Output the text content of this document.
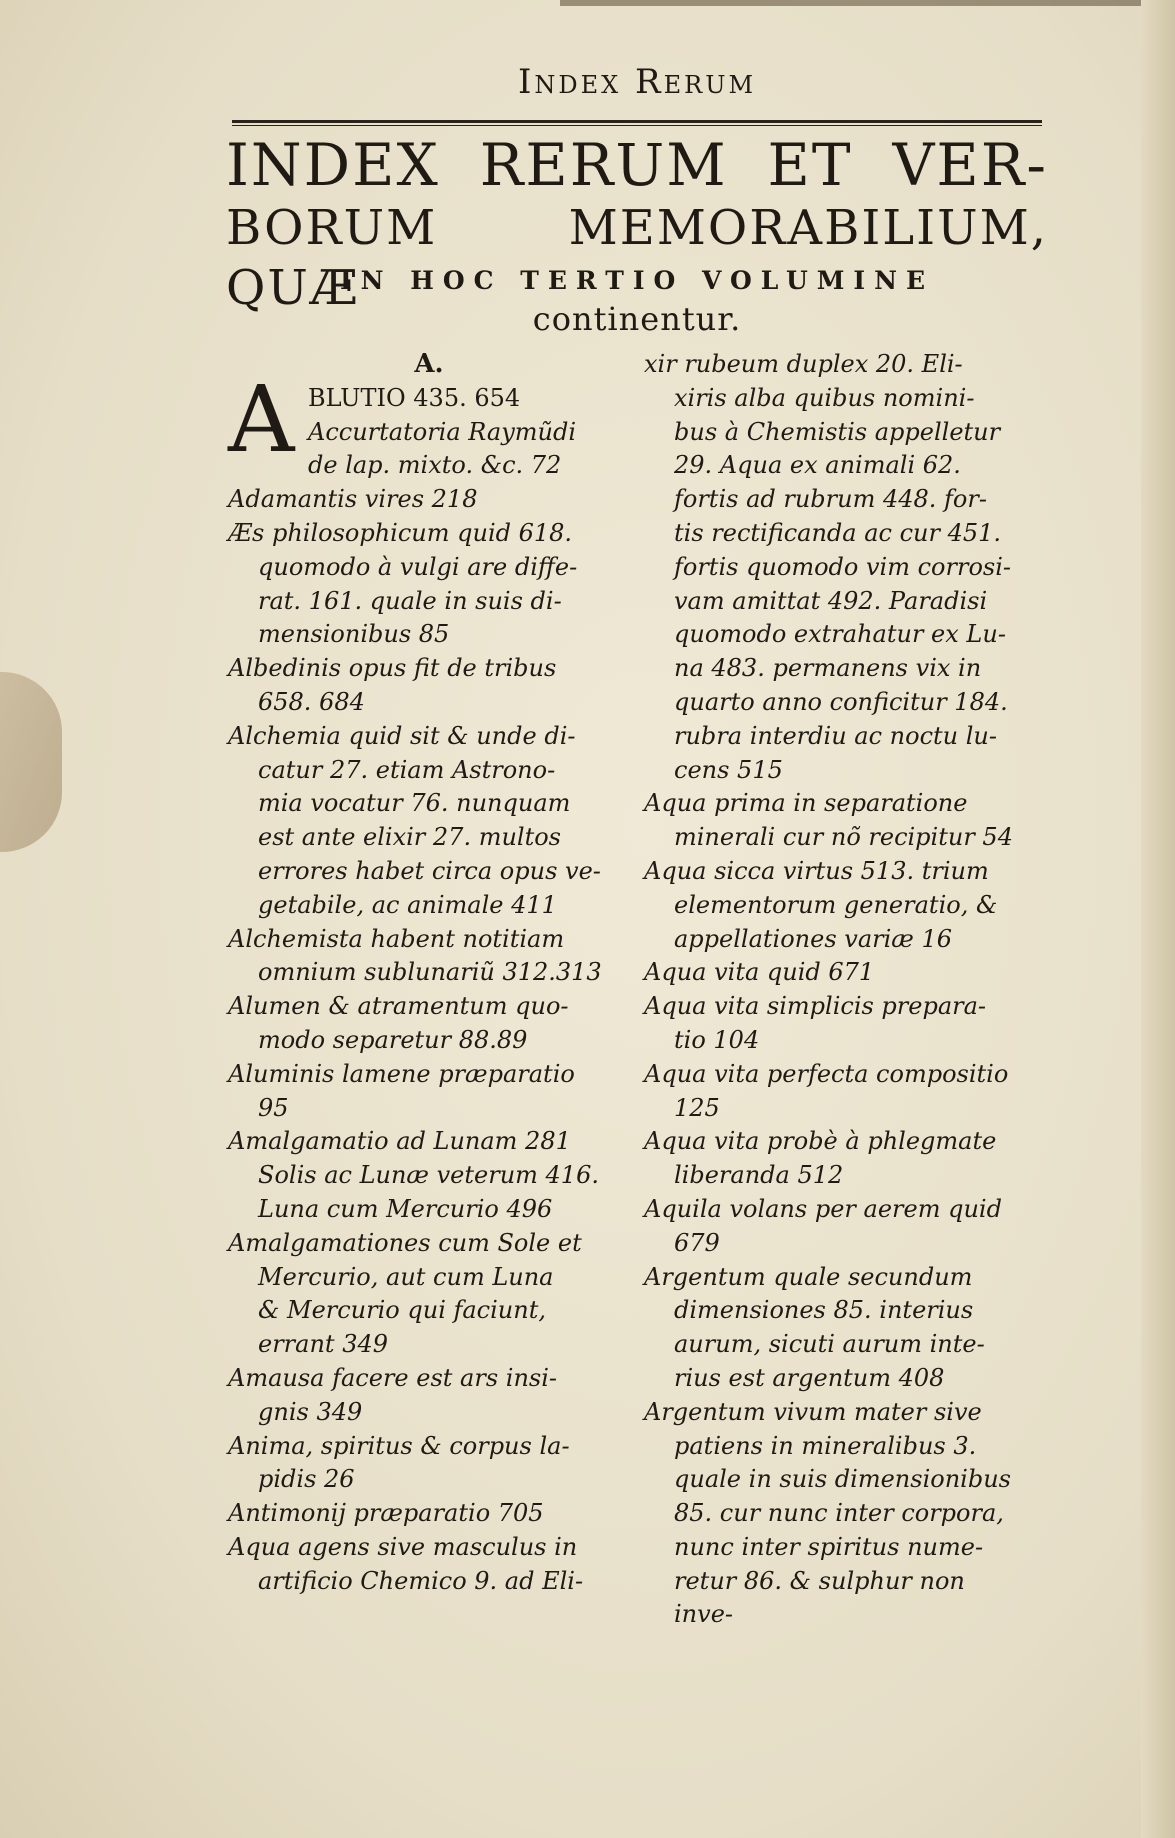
Index Rerum
INDEX RERUM ET VER-
BORUM MEMORABILIUM, QUÆ
IN HOC TERTIO VOLUMINE
continentur.
A
A.
BLUTIO 435. 654
Accurtatoria Raymũdi
de lap. mixto. &c. 72
Adamantis vires 218
Æs philosophicum quid 618.
quomodo à vulgi are diffe-
rat. 161. quale in suis di-
mensionibus 85
Albedinis opus fit de tribus
658. 684
Alchemia quid sit & unde di-
catur 27. etiam Astrono-
mia vocatur 76. nunquam
est ante elixir 27. multos
errores habet circa opus ve-
getabile, ac animale 411
Alchemista habent notitiam
omnium sublunariũ 312.313
Alumen & atramentum quo-
modo separetur 88.89
Aluminis lamene præparatio
95
Amalgamatio ad Lunam 281
Solis ac Lunæ veterum 416.
Luna cum Mercurio 496
Amalgamationes cum Sole et
Mercurio, aut cum Luna
& Mercurio qui faciunt,
errant 349
Amausa facere est ars insi-
gnis 349
Anima, spiritus & corpus la-
pidis 26
Antimonij præparatio 705
Aqua agens sive masculus in
artificio Chemico 9. ad Eli-
xir rubeum duplex 20. Eli-
xiris alba quibus nomini-
bus à Chemistis appelletur
29. Aqua ex animali 62.
fortis ad rubrum 448. for-
tis rectificanda ac cur 451.
fortis quomodo vim corrosi-
vam amittat 492. Paradisi
quomodo extrahatur ex Lu-
na 483. permanens vix in
quarto anno conficitur 184.
rubra interdiu ac noctu lu-
cens 515
Aqua prima in separatione
minerali cur nõ recipitur 54
Aqua sicca virtus 513. trium
elementorum generatio, &
appellationes variæ 16
Aqua vita quid 671
Aqua vita simplicis prepara-
tio 104
Aqua vita perfecta compositio
125
Aqua vita probè à phlegmate
liberanda 512
Aquila volans per aerem quid
679
Argentum quale secundum
dimensiones 85. interius
aurum, sicuti aurum inte-
rius est argentum 408
Argentum vivum mater sive
patiens in mineralibus 3.
quale in suis dimensionibus
85. cur nunc inter corpora,
nunc inter spiritus nume-
retur 86. & sulphur non
inve-
